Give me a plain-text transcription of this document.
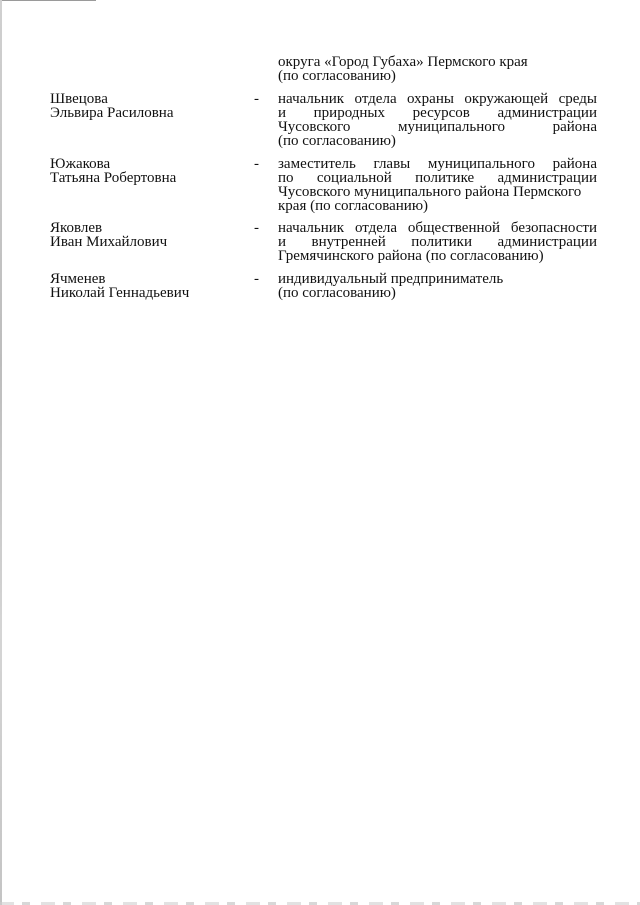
округа «Город Губаха» Пермского края
(по согласованию)
Швецова
Эльвира Расиловна
-	начальник отдела охраны окружающей среды
и природных ресурсов администрации
Чусовского	муниципального	района
(по согласованию)
Южакова
Татьяна Робертовна
-	заместитель главы муниципального района
по социальной политике администрации
Чусовского муниципального района Пермского
края (по согласованию)
Яковлев
Иван Михайлович
-	начальник отдела общественной безопасности
и внутренней политики администрации
Гремячинского района (по согласованию)
Ячменев
Николай Геннадьевич
-	индивидуальный предприниматель
(по согласованию)
